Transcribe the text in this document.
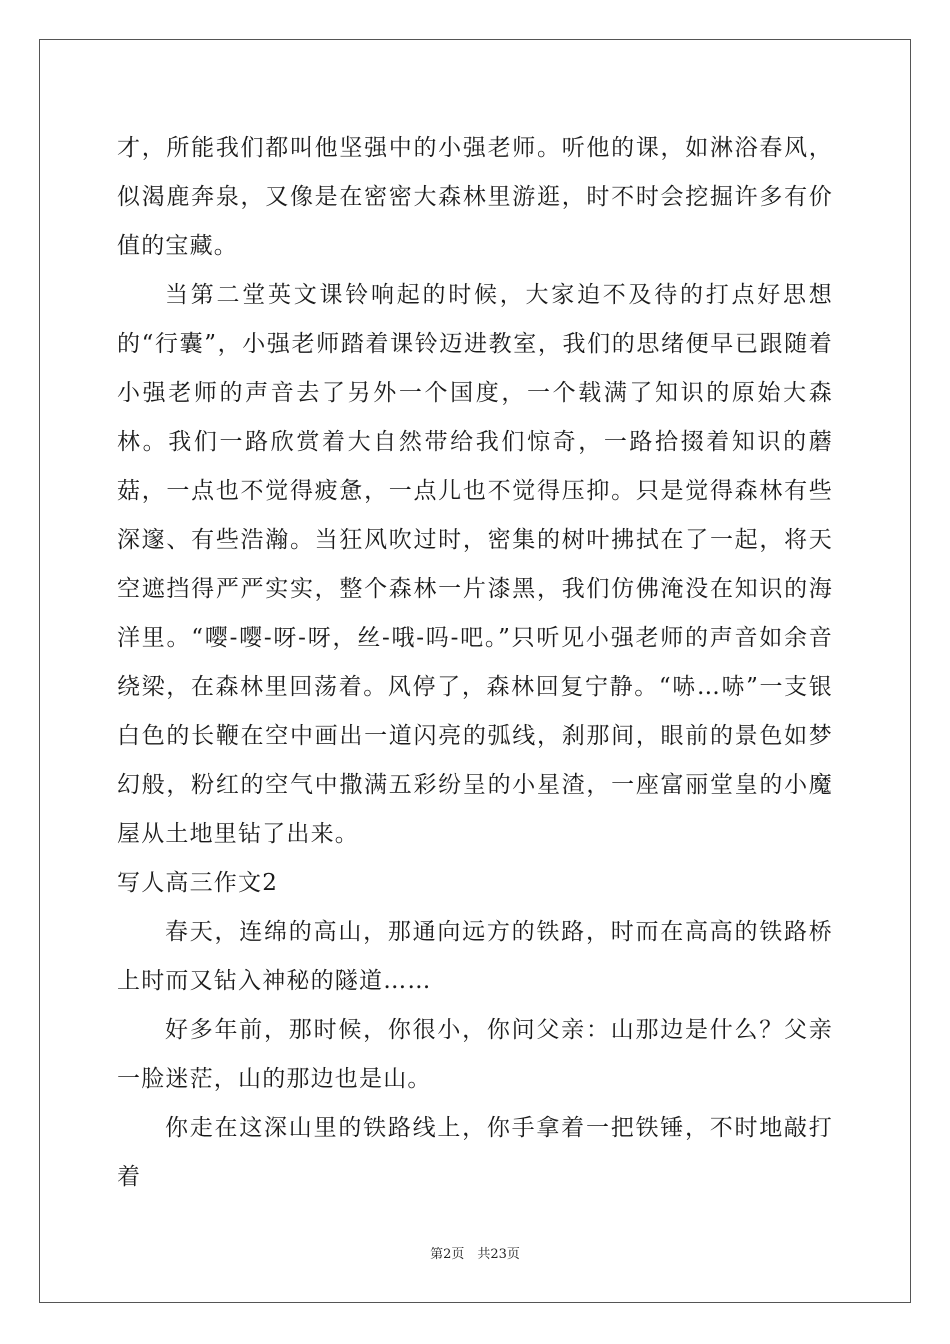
才，所能我们都叫他坚强中的小强老师。听他的课，如淋浴春风，似渴鹿奔泉，又像是在密密大森林里游逛，时不时会挖掘许多有价值的宝藏。

当第二堂英文课铃响起的时候，大家迫不及待的打点好思想的“行囊”，小强老师踏着课铃迈进教室，我们的思绪便早已跟随着小强老师的声音去了另外一个国度，一个载满了知识的原始大森林。我们一路欣赏着大自然带给我们惊奇，一路拾掇着知识的蘑菇，一点也不觉得疲惫，一点儿也不觉得压抑。只是觉得森林有些深邃、有些浩瀚。当狂风吹过时，密集的树叶拂拭在了一起，将天空遮挡得严严实实，整个森林一片漆黑，我们仿佛淹没在知识的海洋里。“嘤-嘤-呀-呀，丝-哦-吗-吧。”只听见小强老师的声音如余音绕梁，在森林里回荡着。风停了，森林回复宁静。“哧…哧”一支银白色的长鞭在空中画出一道闪亮的弧线，刹那间，眼前的景色如梦幻般，粉红的空气中撒满五彩纷呈的小星渣，一座富丽堂皇的小魔屋从土地里钻了出来。

写人高三作文2

春天，连绵的高山，那通向远方的铁路，时而在高高的铁路桥上时而又钻入神秘的隧道……

好多年前，那时候，你很小，你问父亲：山那边是什么？父亲一脸迷茫，山的那边也是山。

你走在这深山里的铁路线上，你手拿着一把铁锤，不时地敲打着

第2页　共23页
